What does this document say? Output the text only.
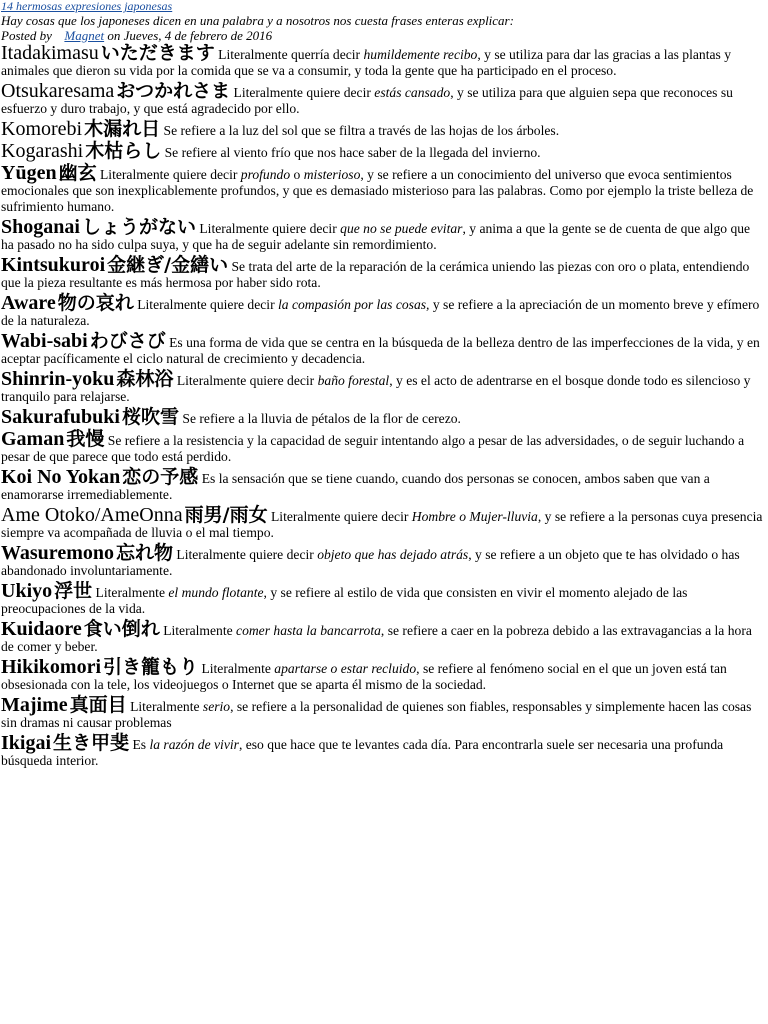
14 hermosas expresiones japonesas
Hay cosas que los japoneses dicen en una palabra y a nosotros nos cuesta frases enteras explicar:
Posted by Magnet on Jueves, 4 de febrero de 2016

Itadakimasu いただきます Literalmente querría decir humildemente recibo, y se utiliza para dar las gracias a las plantas y animales que dieron su vida por la comida que se va a consumir, y toda la gente que ha participado en el proceso.

Otsukaresama おつかれさま Literalmente quiere decir estás cansado, y se utiliza para que alguien sepa que reconoces su esfuerzo y duro trabajo, y que está agradecido por ello.

Komorebi 木漏れ日 Se refiere a la luz del sol que se filtra a través de las hojas de los árboles.

Kogarashi 木枯らし Se refiere al viento frío que nos hace saber de la llegada del invierno.

Yūgen 幽玄 Literalmente quiere decir profundo o misterioso, y se refiere a un conocimiento del universo que evoca sentimientos emocionales que son inexplicablemente profundos, y que es demasiado misterioso para las palabras. Como por ejemplo la triste belleza de sufrimiento humano.

Shoganai しょうがない Literalmente quiere decir que no se puede evitar, y anima a que la gente se de cuenta de que algo que ha pasado no ha sido culpa suya, y que ha de seguir adelante sin remordimiento.

Kintsukuroi 金継ぎ/金繕い Se trata del arte de la reparación de la cerámica uniendo las piezas con oro o plata, entendiendo que la pieza resultante es más hermosa por haber sido rota.

Aware 物の哀れ Literalmente quiere decir la compasión por las cosas, y se refiere a la apreciación de un momento breve y efímero de la naturaleza.

Wabi-sabi わびさび Es una forma de vida que se centra en la búsqueda de la belleza dentro de las imperfecciones de la vida, y en aceptar pacíficamente el ciclo natural de crecimiento y decadencia.

Shinrin-yoku 森林浴 Literalmente quiere decir baño forestal, y es el acto de adentrarse en el bosque donde todo es silencioso y tranquilo para relajarse.

Sakurafubuki 桜吹雪 Se refiere a la lluvia de pétalos de la flor de cerezo.

Gaman 我慢 Se refiere a la resistencia y la capacidad de seguir intentando algo a pesar de las adversidades, o de seguir luchando a pesar de que parece que todo está perdido.

Koi No Yokan 恋の予感 Es la sensación que se tiene cuando, cuando dos personas se conocen, ambos saben que van a enamorarse irremediablemente.

Ame Otoko/AmeOnna 雨男/雨女 Literalmente quiere decir Hombre o Mujer-lluvia, y se refiere a la personas cuya presencia siempre va acompañada de lluvia o el mal tiempo.

Wasuremono 忘れ物 Literalmente quiere decir objeto que has dejado atrás, y se refiere a un objeto que te has olvidado o has abandonado involuntariamente.

Ukiyo 浮世 Literalmente el mundo flotante, y se refiere al estilo de vida que consisten en vivir el momento alejado de las preocupaciones de la vida.

Kuidaore 食い倒れ Literalmente comer hasta la bancarrota, se refiere a caer en la pobreza debido a las extravagancias a la hora de comer y beber.

Hikikomori 引き籠もり Literalmente apartarse o estar recluido, se refiere al fenómeno social en el que un joven está tan obsesionada con la tele, los videojuegos o Internet que se aparta él mismo de la sociedad.

Majime 真面目 Literalmente serio, se refiere a la personalidad de quienes son fiables, responsables y simplemente hacen las cosas sin dramas ni causar problemas

Ikigai 生き甲斐 Es la razón de vivir, eso que hace que te levantes cada día. Para encontrarla suele ser necesaria una profunda búsqueda interior.
